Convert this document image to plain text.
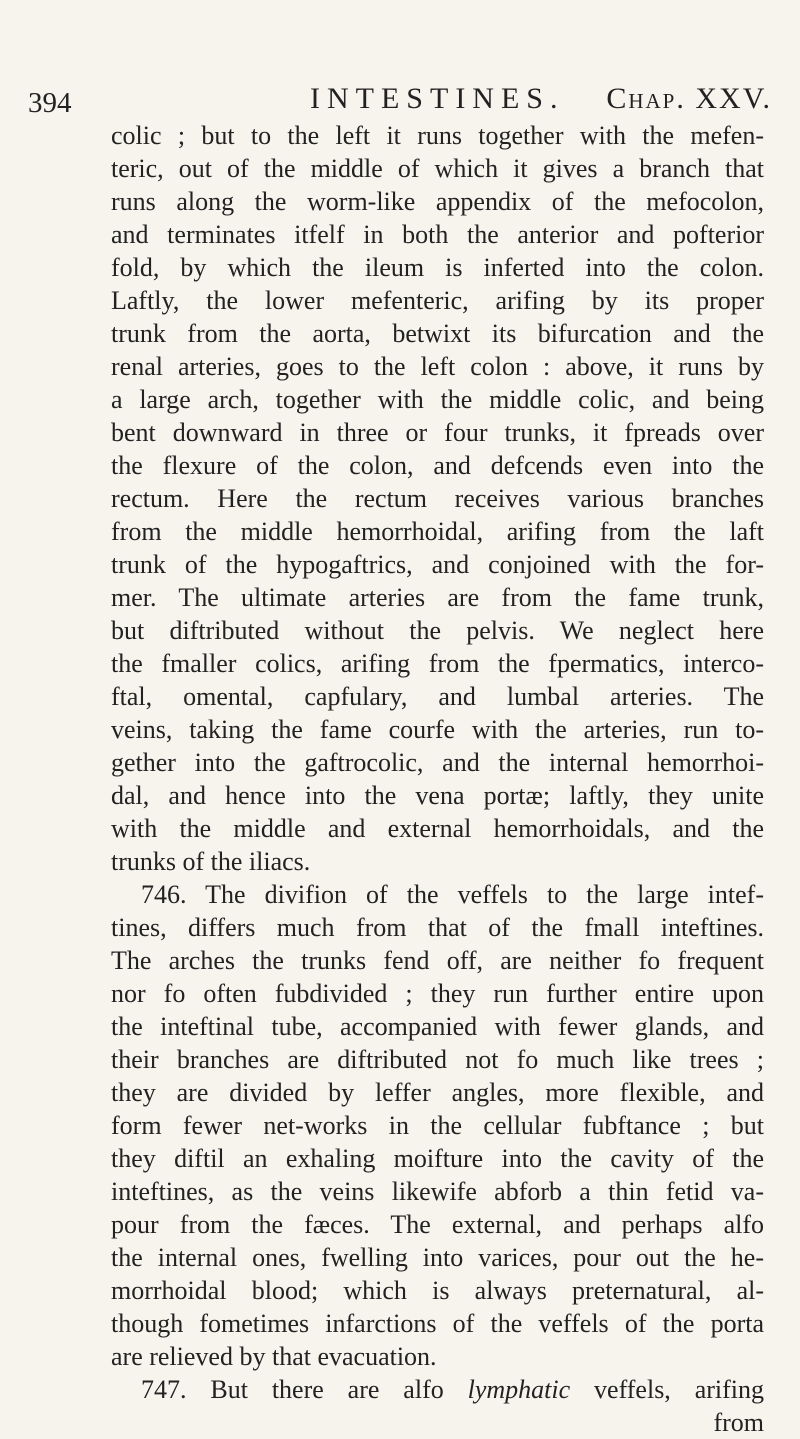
394	INTESTINES. Chap. XXV.
colic ; but to the left it runs together with the mefen-
teric, out of the middle of which it gives a branch that
runs along the worm-like appendix of the mefocolon,
and terminates itfelf in both the anterior and pofterior
fold, by which the ileum is inferted into the colon.
Laftly, the lower mefenteric, arifing by its proper
trunk from the aorta, betwixt its bifurcation and the
renal arteries, goes to the left colon : above, it runs by
a large arch, together with the middle colic, and being
bent downward in three or four trunks, it fpreads over
the flexure of the colon, and defcends even into the
rectum. Here the rectum receives various branches
from the middle hemorrhoidal, arifing from the laft
trunk of the hypogaftrics, and conjoined with the for-
mer. The ultimate arteries are from the fame trunk,
but diftributed without the pelvis. We neglect here
the fmaller colics, arifing from the fpermatics, interco-
ftal, omental, capfulary, and lumbal arteries. The
veins, taking the fame courfe with the arteries, run to-
gether into the gaftrocolic, and the internal hemorrhoi-
dal, and hence into the vena portæ; laftly, they unite
with the middle and external hemorrhoidals, and the
trunks of the iliacs.
746. The divifion of the veffels to the large intef-
tines, differs much from that of the fmall inteftines.
The arches the trunks fend off, are neither fo frequent
nor fo often fubdivided ; they run further entire upon
the inteftinal tube, accompanied with fewer glands, and
their branches are diftributed not fo much like trees ;
they are divided by leffer angles, more flexible, and
form fewer net-works in the cellular fubftance ; but
they diftil an exhaling moifture into the cavity of the
inteftines, as the veins likewife abforb a thin fetid va-
pour from the fæces. The external, and perhaps alfo
the internal ones, fwelling into varices, pour out the he-
morrhoidal blood; which is always preternatural, al-
though fometimes infarctions of the veffels of the porta
are relieved by that evacuation.
747. But there are alfo lymphatic veffels, arifing
from
